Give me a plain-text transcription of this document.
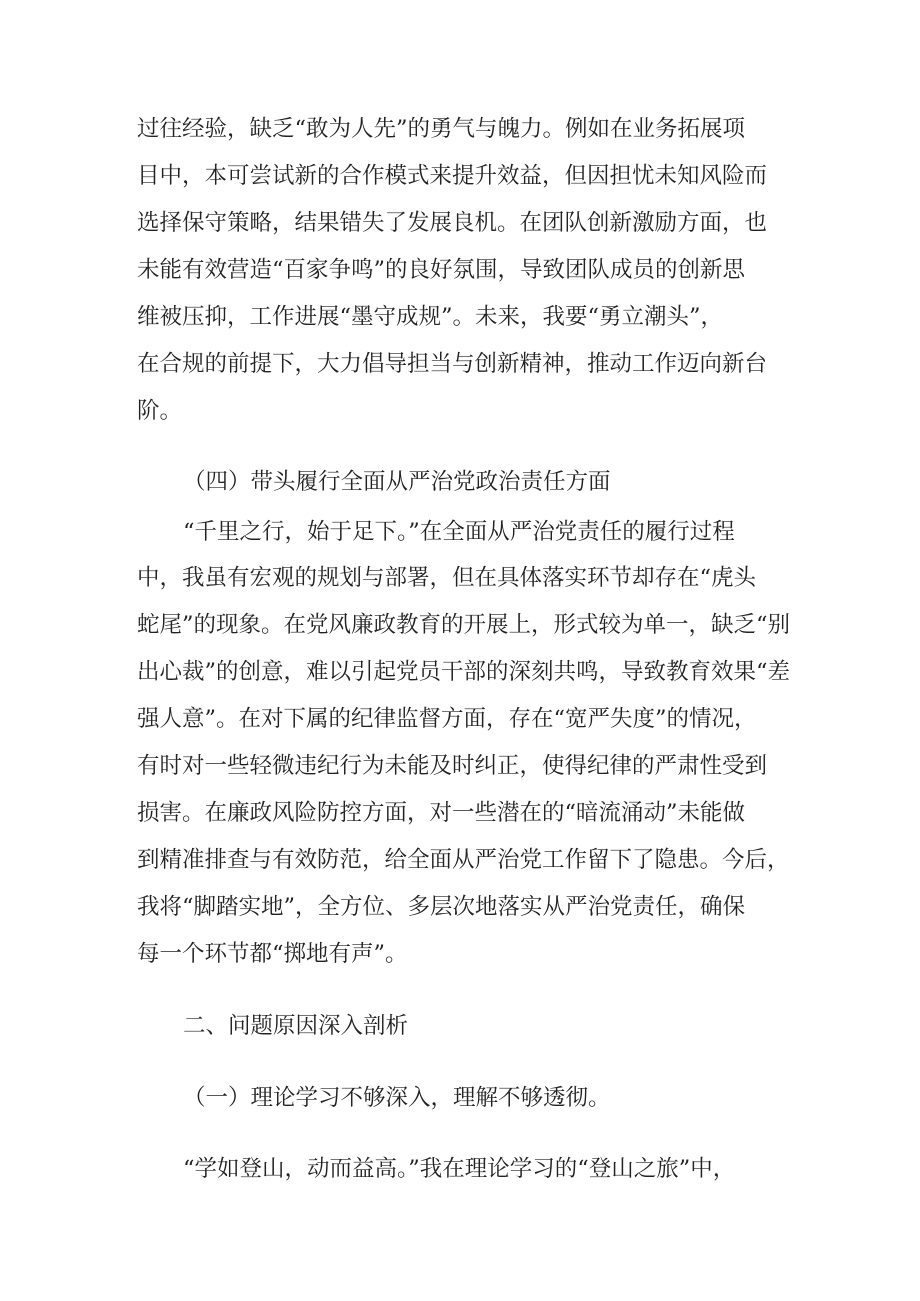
过往经验，缺乏“敢为人先”的勇气与魄力。例如在业务拓展项
目中，本可尝试新的合作模式来提升效益，但因担忧未知风险而
选择保守策略，结果错失了发展良机。在团队创新激励方面，也
未能有效营造“百家争鸣”的良好氛围，导致团队成员的创新思
维被压抑，工作进展“墨守成规”。未来，我要“勇立潮头”，
在合规的前提下，大力倡导担当与创新精神，推动工作迈向新台
阶。
（四）带头履行全面从严治党政治责任方面
“千里之行，始于足下。”在全面从严治党责任的履行过程
中，我虽有宏观的规划与部署，但在具体落实环节却存在“虎头
蛇尾”的现象。在党风廉政教育的开展上，形式较为单一，缺乏“别
出心裁”的创意，难以引起党员干部的深刻共鸣，导致教育效果“差
强人意”。在对下属的纪律监督方面，存在“宽严失度”的情况，
有时对一些轻微违纪行为未能及时纠正，使得纪律的严肃性受到
损害。在廉政风险防控方面，对一些潜在的“暗流涌动”未能做
到精准排查与有效防范，给全面从严治党工作留下了隐患。今后，
我将“脚踏实地”，全方位、多层次地落实从严治党责任，确保
每一个环节都“掷地有声”。
二、问题原因深入剖析
（一）理论学习不够深入，理解不够透彻。
“学如登山，动而益高。”我在理论学习的“登山之旅”中，
